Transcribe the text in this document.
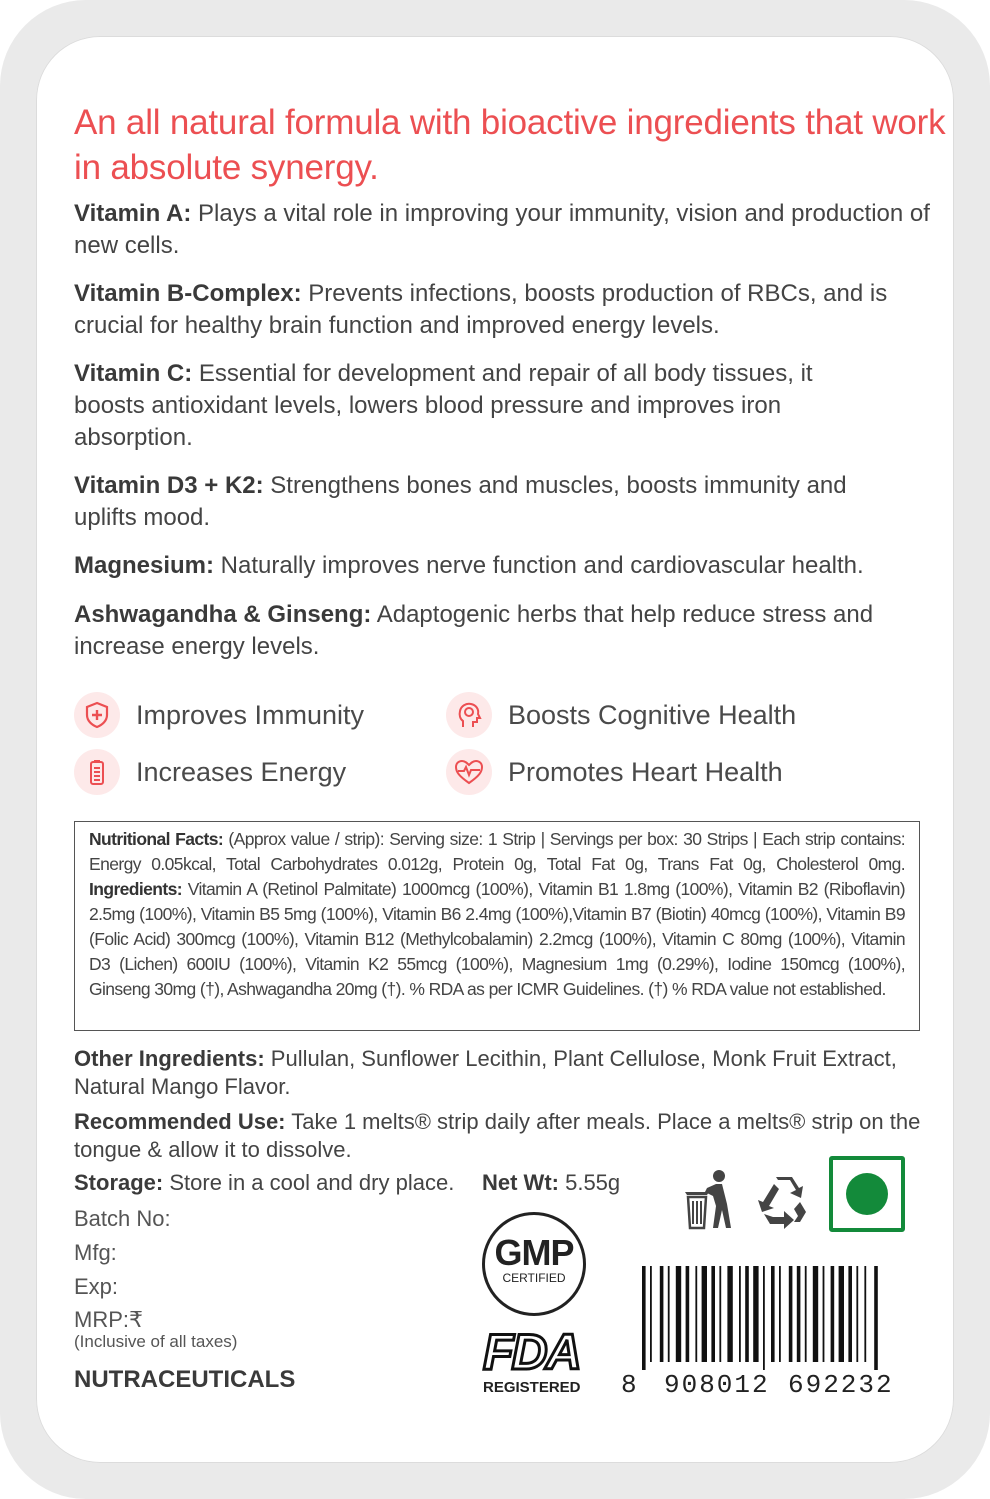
An all natural formula with bioactive ingredients that work in absolute synergy.
Vitamin A: Plays a vital role in improving your immunity, vision and production of new cells.
Vitamin B-Complex: Prevents infections, boosts production of RBCs, and is crucial for healthy brain function and improved energy levels.
Vitamin C: Essential for development and repair of all body tissues, it boosts antioxidant levels, lowers blood pressure and improves iron absorption.
Vitamin D3 + K2: Strengthens bones and muscles, boosts immunity and uplifts mood.
Magnesium: Naturally improves nerve function and cardiovascular health.
Ashwagandha & Ginseng: Adaptogenic herbs that help reduce stress and increase energy levels.
Improves Immunity	Boosts Cognitive Health
Increases Energy	Promotes Heart Health
Nutritional Facts: (Approx value / strip): Serving size: 1 Strip | Servings per box: 30 Strips | Each strip contains: Energy 0.05kcal, Total Carbohydrates 0.012g, Protein 0g, Total Fat 0g, Trans Fat 0g, Cholesterol 0mg. Ingredients: Vitamin A (Retinol Palmitate) 1000mcg (100%), Vitamin B1 1.8mg (100%), Vitamin B2 (Riboflavin) 2.5mg (100%), Vitamin B5 5mg (100%), Vitamin B6 2.4mg (100%),Vitamin B7 (Biotin) 40mcg (100%), Vitamin B9 (Folic Acid) 300mcg (100%), Vitamin B12 (Methylcobalamin) 2.2mcg (100%), Vitamin C 80mg (100%), Vitamin D3 (Lichen) 600IU (100%), Vitamin K2 55mcg (100%), Magnesium 1mg (0.29%), Iodine 150mcg (100%), Ginseng 30mg (†), Ashwagandha 20mg (†). % RDA as per ICMR Guidelines. (†) % RDA value not established.
Other Ingredients: Pullulan, Sunflower Lecithin, Plant Cellulose, Monk Fruit Extract, Natural Mango Flavor.
Recommended Use: Take 1 melts® strip daily after meals. Place a melts® strip on the tongue & allow it to dissolve.
Storage: Store in a cool and dry place. Net Wt: 5.55g
Batch No:
Mfg:
Exp:
MRP:₹
(Inclusive of all taxes)
NUTRACEUTICALS
GMP
CERTIFIED
FDA
REGISTERED	8 908012 692232
